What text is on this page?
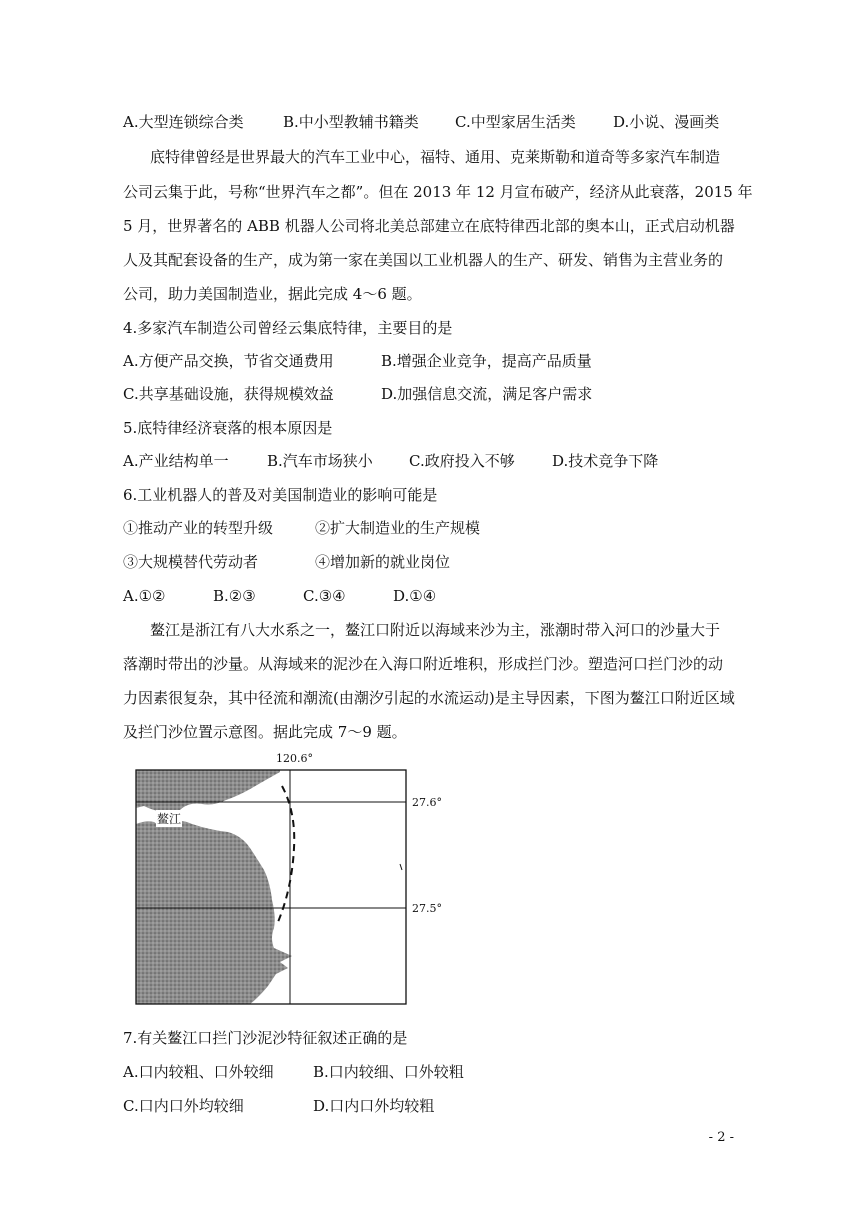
A.大型连锁综合类	B.中小型教辅书籍类 C.中型家居生活类 D.小说、漫画类
底特律曾经是世界最大的汽车工业中心，福特、通用、克莱斯勒和道奇等多家汽车制造
公司云集于此，号称“世界汽车之都”。但在 2013 年 12 月宣布破产，经济从此衰落，2015 年
5 月，世界著名的 ABB 机器人公司将北美总部建立在底特律西北部的奥本山，正式启动机器
人及其配套设备的生产，成为第一家在美国以工业机器人的生产、研发、销售为主营业务的
公司，助力美国制造业，据此完成 4～6 题。
4.多家汽车制造公司曾经云集底特律，主要目的是
A.方便产品交换，节省交通费用	B.增强企业竞争，提高产品质量
C.共享基础设施，获得规模效益	D.加强信息交流，满足客户需求
5.底特律经济衰落的根本原因是
A.产业结构单一	B.汽车市场狭小 C.政府投入不够 D.技术竞争下降
6.工业机器人的普及对美国制造业的影响可能是
①推动产业的转型升级	②扩大制造业的生产规模
③大规模替代劳动者	④增加新的就业岗位
A.①②	B.②③	C.③④	D.①④
鳌江是浙江有八大水系之一，鳌江口附近以海域来沙为主，涨潮时带入河口的沙量大于
落潮时带出的沙量。从海域来的泥沙在入海口附近堆积，形成拦门沙。塑造河口拦门沙的动
力因素很复杂，其中径流和潮流(由潮汐引起的水流运动)是主导因素，下图为鳌江口附近区域
及拦门沙位置示意图。据此完成 7～9 题。
120.6°
27.6°
27.5°
鳌江
7.有关鳌江口拦门沙泥沙特征叙述正确的是
A.口内较粗、口外较细	B.口内较细、口外较粗
C.口内口外均较细	D.口内口外均较粗
- 2 -
